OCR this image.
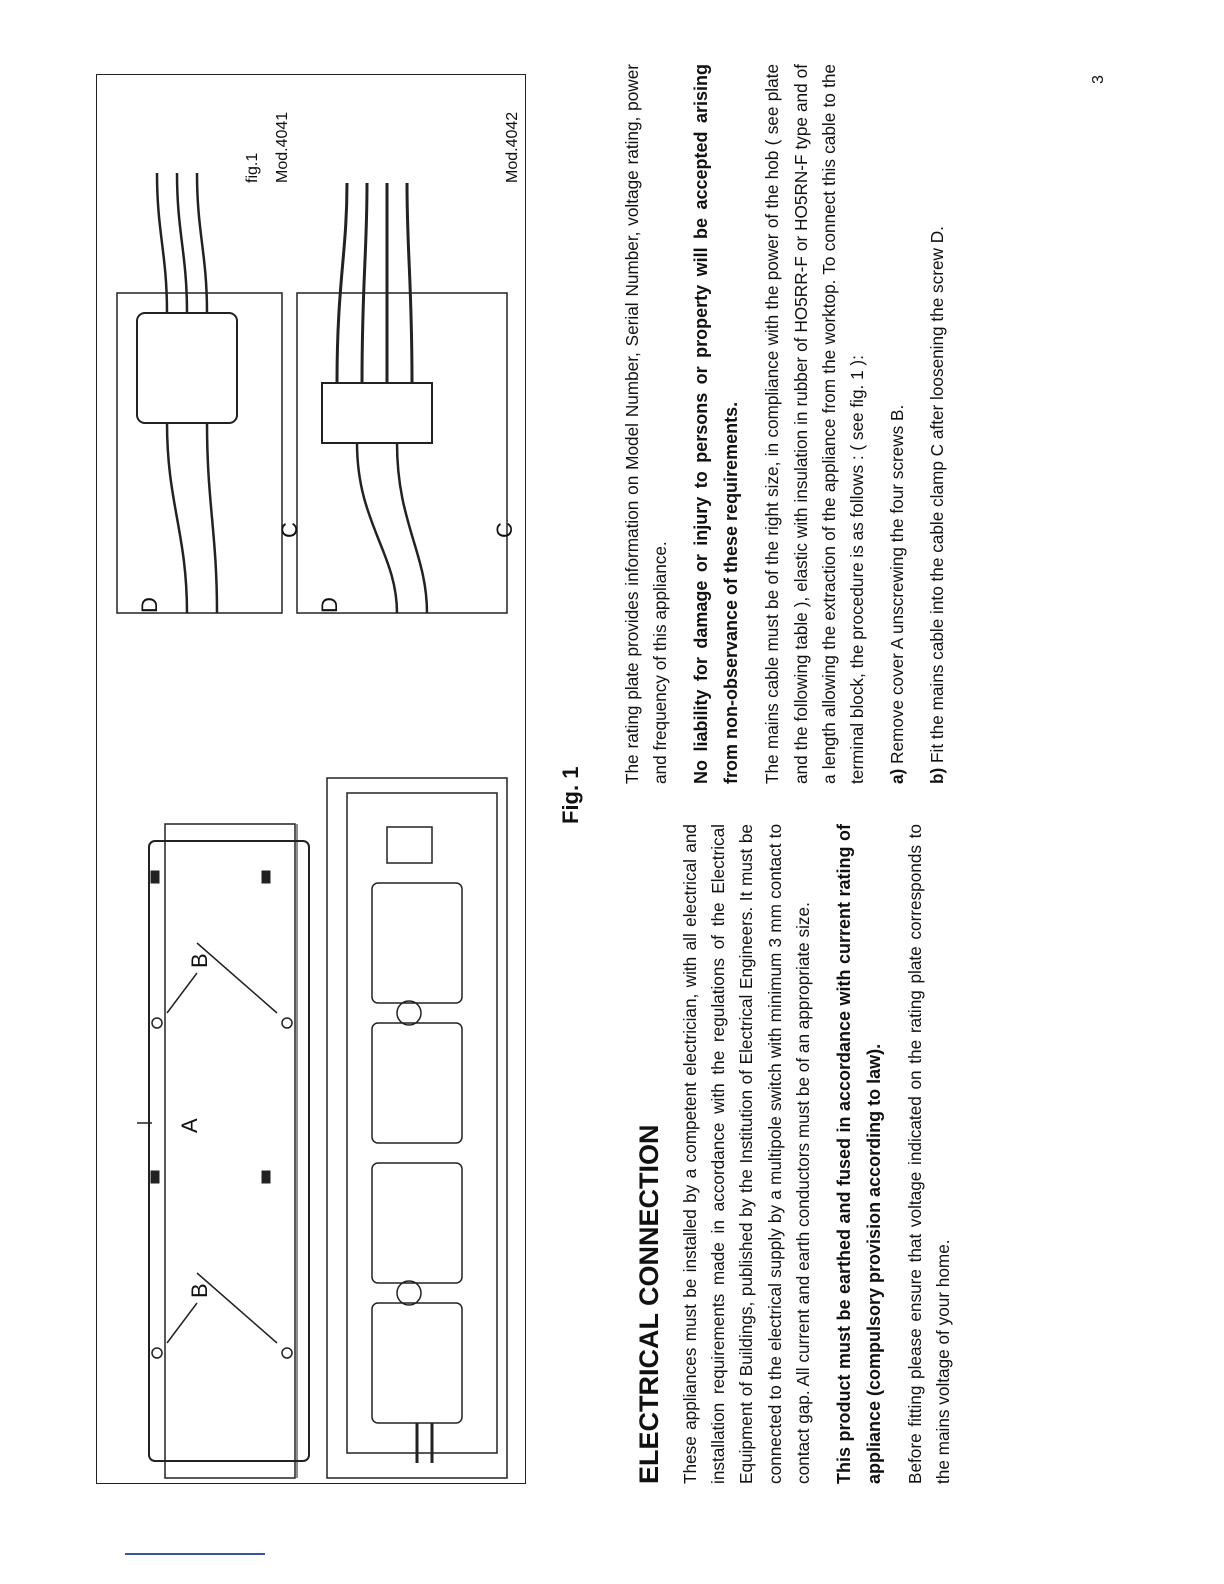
A
B
B
C
C
D	D
Mod.4042
Mod.4041
fig.1
Fig. 1
ELECTRICAL CONNECTION These appliances must be installed by a competent electrician, with all electrical and installation requirements made in accordance with the regulations of the Electrical Equipment of Buildings, published by the Institution of Electrical Engineers. It must be connected to the electrical supply by a multipole switch with minimum 3 mm contact to contact gap. All current and earth conductors must be of an appropriate size. This product must be earthed and fused in accordance with current rating of appliance (compulsory provision according to law). Before fitting please ensure that voltage indicated on the rating plate corresponds to the mains voltage of your home.

The rating plate provides information on Model Number, Serial Number, voltage rating, power and frequency of this appliance. No liability for damage or injury to persons or property will be accepted arising from non-observance of these requirements. The mains cable must be of the right size, in compliance with the power of the hob ( see plate and the following table ), elastic with insulation in rubber of HO5RR-F or HO5RN-F type and of a length allowing the extraction of the appliance from the worktop. To connect this cable to the terminal block, the procedure is as follows : ( see fig. 1 ): a) Remove cover A unscrewing the four screws B.

b) Fit the mains cable into the cable clamp C after loosening the screw D.

3
